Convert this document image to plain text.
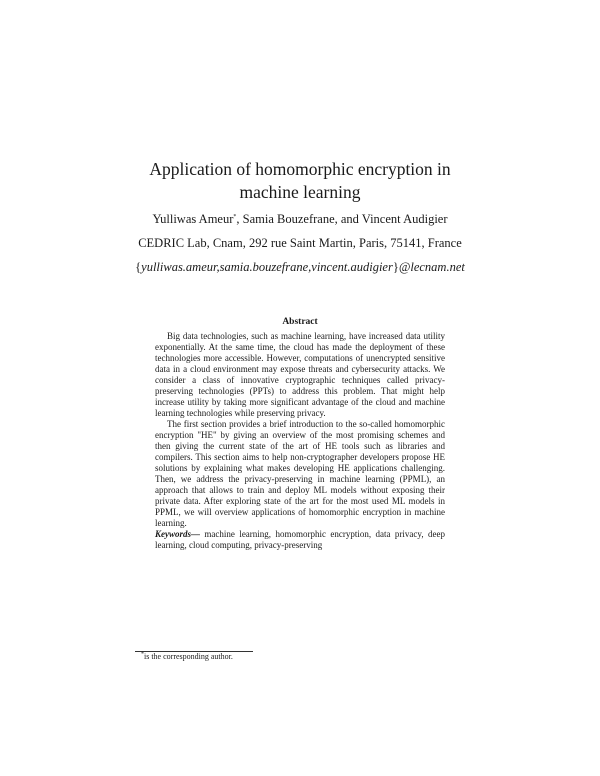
Application of homomorphic encryption in
machine learning
Yulliwas Ameur*, Samia Bouzefrane, and Vincent Audigier
CEDRIC Lab, Cnam, 292 rue Saint Martin, Paris, 75141, France
{yulliwas.ameur,samia.bouzefrane,vincent.audigier}@lecnam.net
Abstract

Big data technologies, such as machine learning, have increased data utility exponentially. At the same time, the cloud has made the deployment of these technologies more accessible. However, computations of unencrypted sensitive data in a cloud environment may expose threats and cybersecurity attacks. We consider a class of innovative cryptographic techniques called privacy-preserving technologies (PPTs) to address this problem. That might help increase utility by taking more significant advantage of the cloud and machine learning technologies while preserving privacy.

The first section provides a brief introduction to the so-called homomorphic encryption "HE" by giving an overview of the most promising schemes and then giving the current state of the art of HE tools such as libraries and compilers. This section aims to help non-cryptographer developers propose HE solutions by explaining what makes developing HE applications challenging. Then, we address the privacy-preserving in machine learning (PPML), an approach that allows to train and deploy ML models without exposing their private data. After exploring state of the art for the most used ML models in PPML, we will overview applications of homomorphic encryption in machine learning.

Keywords— machine learning, homomorphic encryption, data privacy, deep learning, cloud computing, privacy-preserving
*is the corresponding author.
